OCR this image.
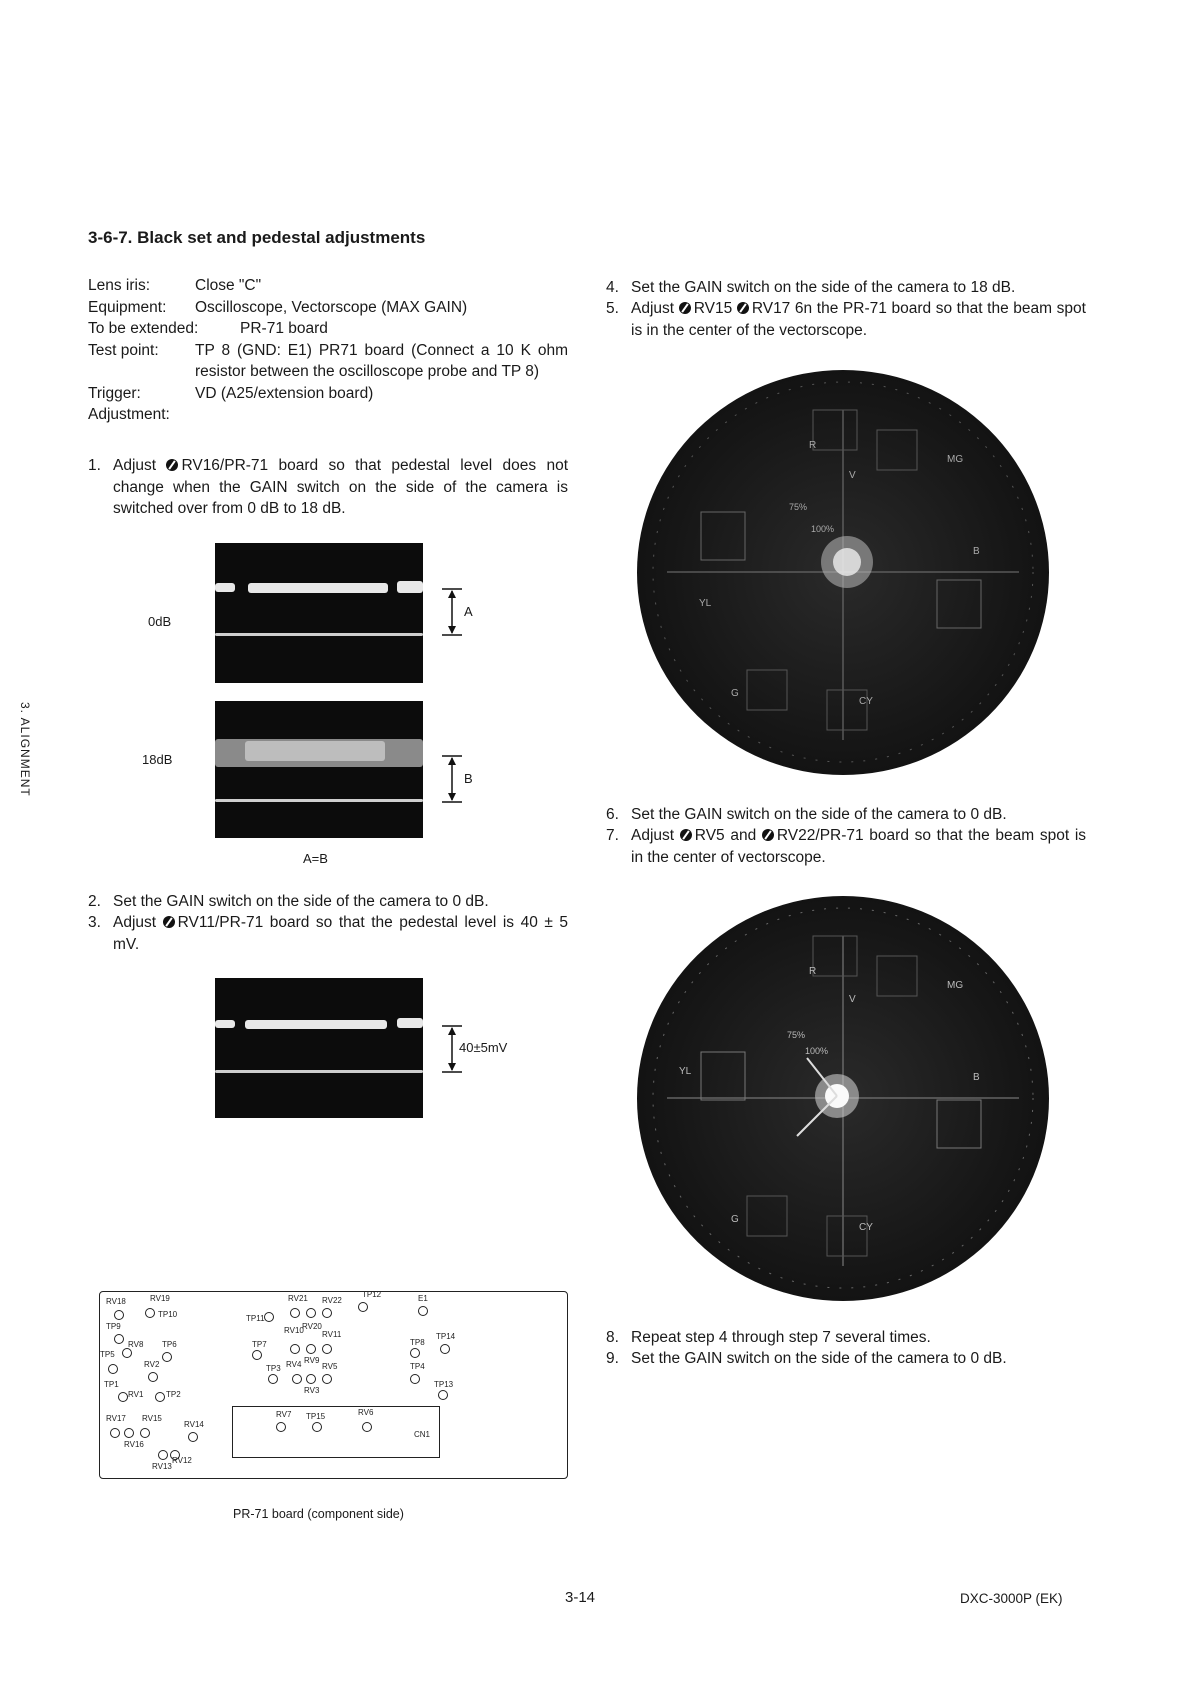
3-6-7. Black set and pedestal adjustments
3. ALIGNMENT
Lens iris:	Close "C"
Equipment: Oscilloscope, Vectorscope (MAX GAIN)
To be extended:	PR-71 board
Test point: TP 8 (GND: E1) PR71 board (Connect a 10 K ohm resistor between the oscilloscope probe and TP 8)
Trigger:	VD (A25/extension board)
Adjustment:
1. Adjust RV16/PR-71 board so that pedestal level does not change when the GAIN switch on the side of the camera is switched over from 0 dB to 18 dB.
0dB
A
18dB
B
A=B
2. Set the GAIN switch on the side of the camera to 0 dB.
3. Adjust RV11/PR-71 board so that the pedestal level is 40 ± 5 mV.
40±5mV
RV18	RV19
TP10
TP9
RV8 TP6
TP5
RV2
TP1
RV1	TP2
RV17 RV15
RV14
RV16
RV13
RV12
TP11
RV21 RV22
TP12	E1
RV10
RV20
RV11
TP7
RV9
TP8
TP14
TP3 RV4	RV5	TP4
RV3
TP13
RV7 TP15	RV6
CN1
PR-71 board (component side)
4. Set the GAIN switch on the side of the camera to 18 dB.
5. Adjust RV15 RV17 6n the PR-71 board so that the beam spot is in the center of the vectorscope.
R
MG
V
75%
100%
B
YL
G
CY
6. Set the GAIN switch on the side of the camera to 0 dB.
7. Adjust RV5 and RV22/PR-71 board so that the beam spot is in the center of vectorscope.
R
MG
V
75%
100%
B
YL
G
CY
8. Repeat step 4 through step 7 several times.
9. Set the GAIN switch on the side of the camera to 0 dB.
3-14	DXC-3000P (EK)
